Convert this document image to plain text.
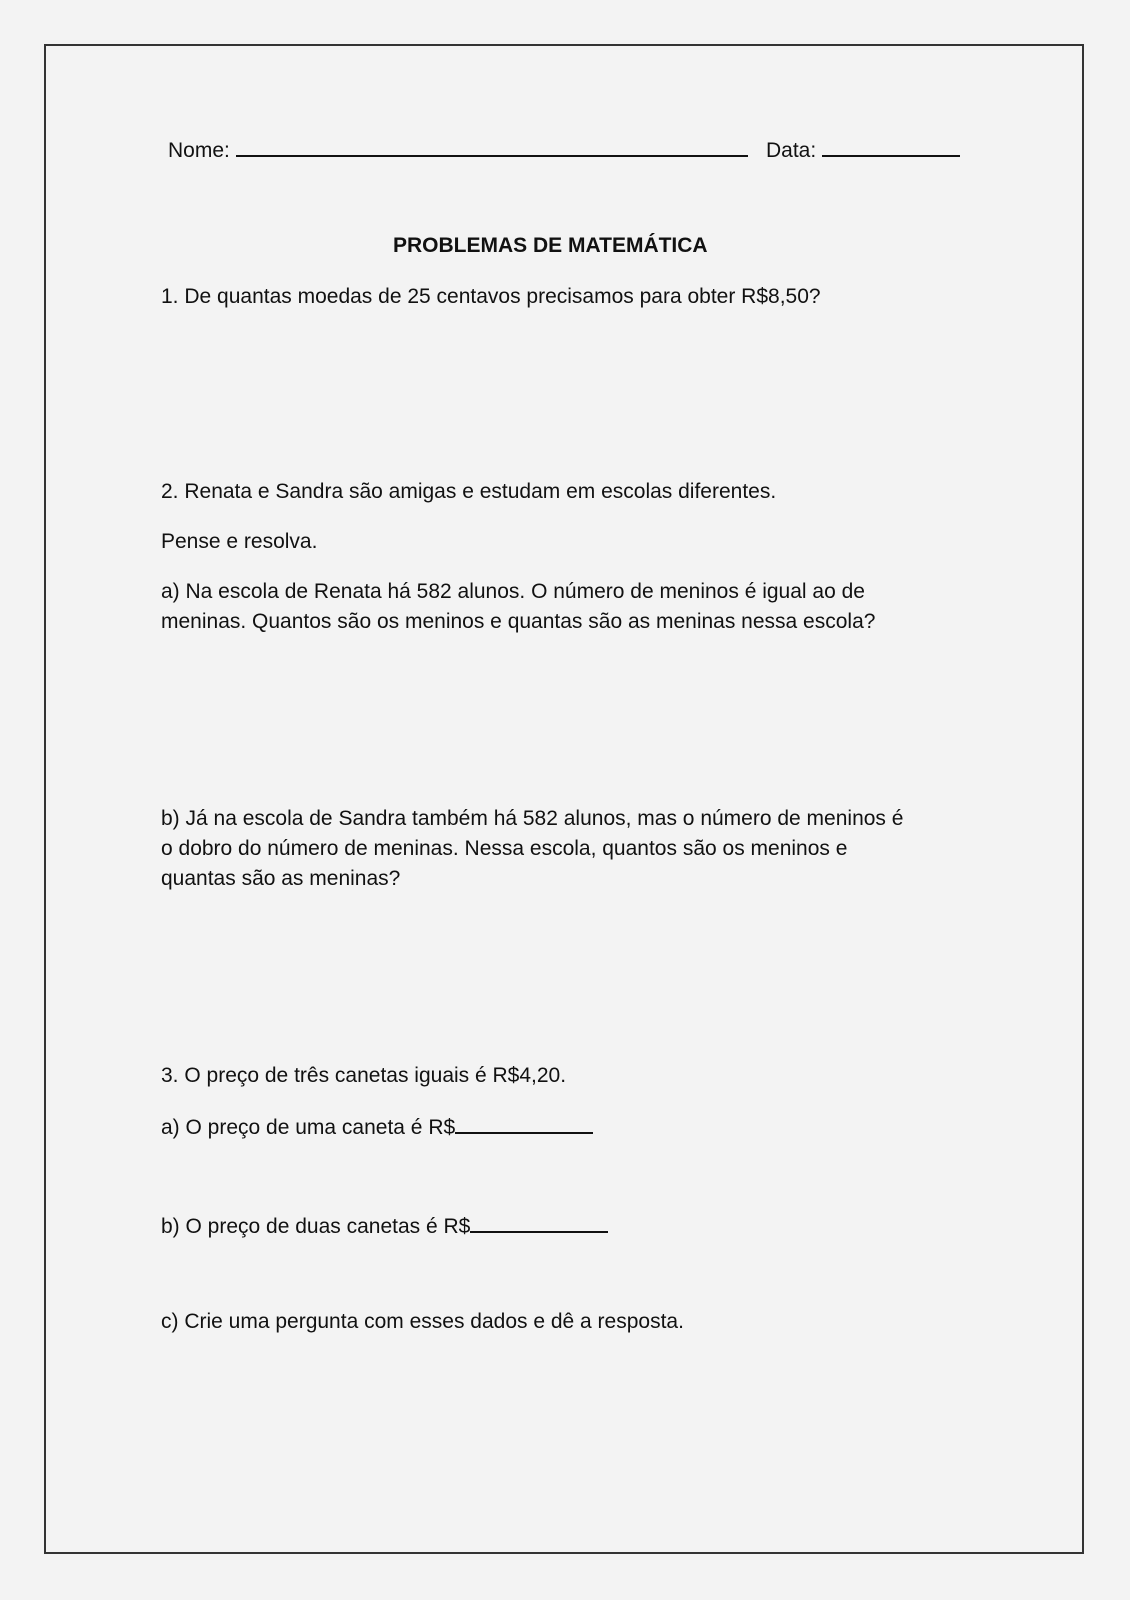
Nome:	Data:
PROBLEMAS DE MATEMÁTICA

1. De quantas moedas de 25 centavos precisamos para obter R$8,50?

2. Renata e Sandra são amigas e estudam em escolas diferentes.

Pense e resolva.

a) Na escola de Renata há 582 alunos. O número de meninos é igual ao de

meninas. Quantos são os meninos e quantas são as meninas nessa escola?

b) Já na escola de Sandra também há 582 alunos, mas o número de meninos é

o dobro do número de meninas. Nessa escola, quantos são os meninos e

quantas são as meninas?

3. O preço de três canetas iguais é R$4,20.

a) O preço de uma caneta é R$
b) O preço de duas canetas é R$

c) Crie uma pergunta com esses dados e dê a resposta.
